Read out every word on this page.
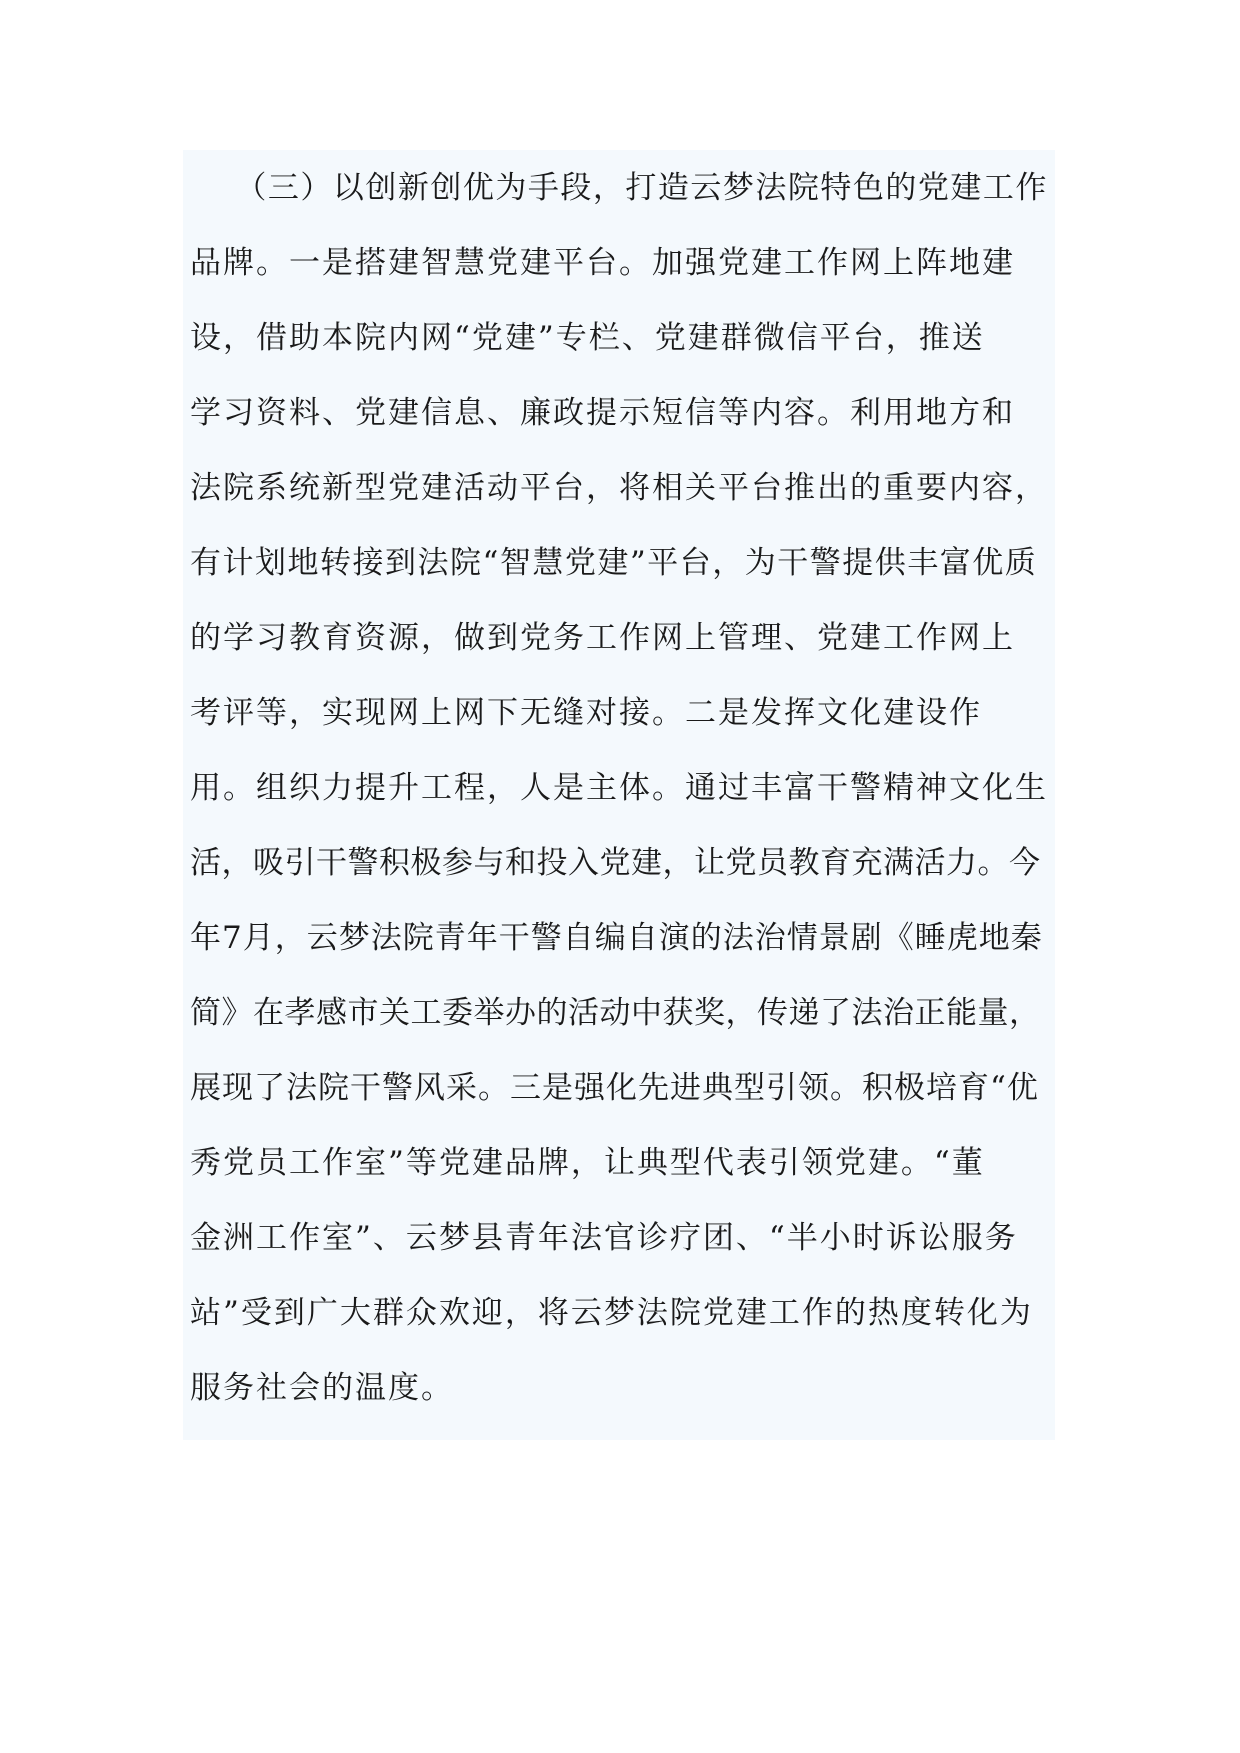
（三）以创新创优为手段，打造云梦法院特色的党建工作
品牌。一是搭建智慧党建平台。加强党建工作网上阵地建
设，借助本院内网“党建”专栏、党建群微信平台，推送
学习资料、党建信息、廉政提示短信等内容。利用地方和
法院系统新型党建活动平台，将相关平台推出的重要内容，
有计划地转接到法院“智慧党建”平台，为干警提供丰富优质
的学习教育资源，做到党务工作网上管理、党建工作网上
考评等，实现网上网下无缝对接。二是发挥文化建设作
用。组织力提升工程，人是主体。通过丰富干警精神文化生
活，吸引干警积极参与和投入党建，让党员教育充满活力。今
年7月，云梦法院青年干警自编自演的法治情景剧《睡虎地秦
简》在孝感市关工委举办的活动中获奖，传递了法治正能量，
展现了法院干警风采。三是强化先进典型引领。积极培育“优
秀党员工作室”等党建品牌，让典型代表引领党建。“董
金洲工作室”、云梦县青年法官诊疗团、“半小时诉讼服务
站”受到广大群众欢迎，将云梦法院党建工作的热度转化为
服务社会的温度。
